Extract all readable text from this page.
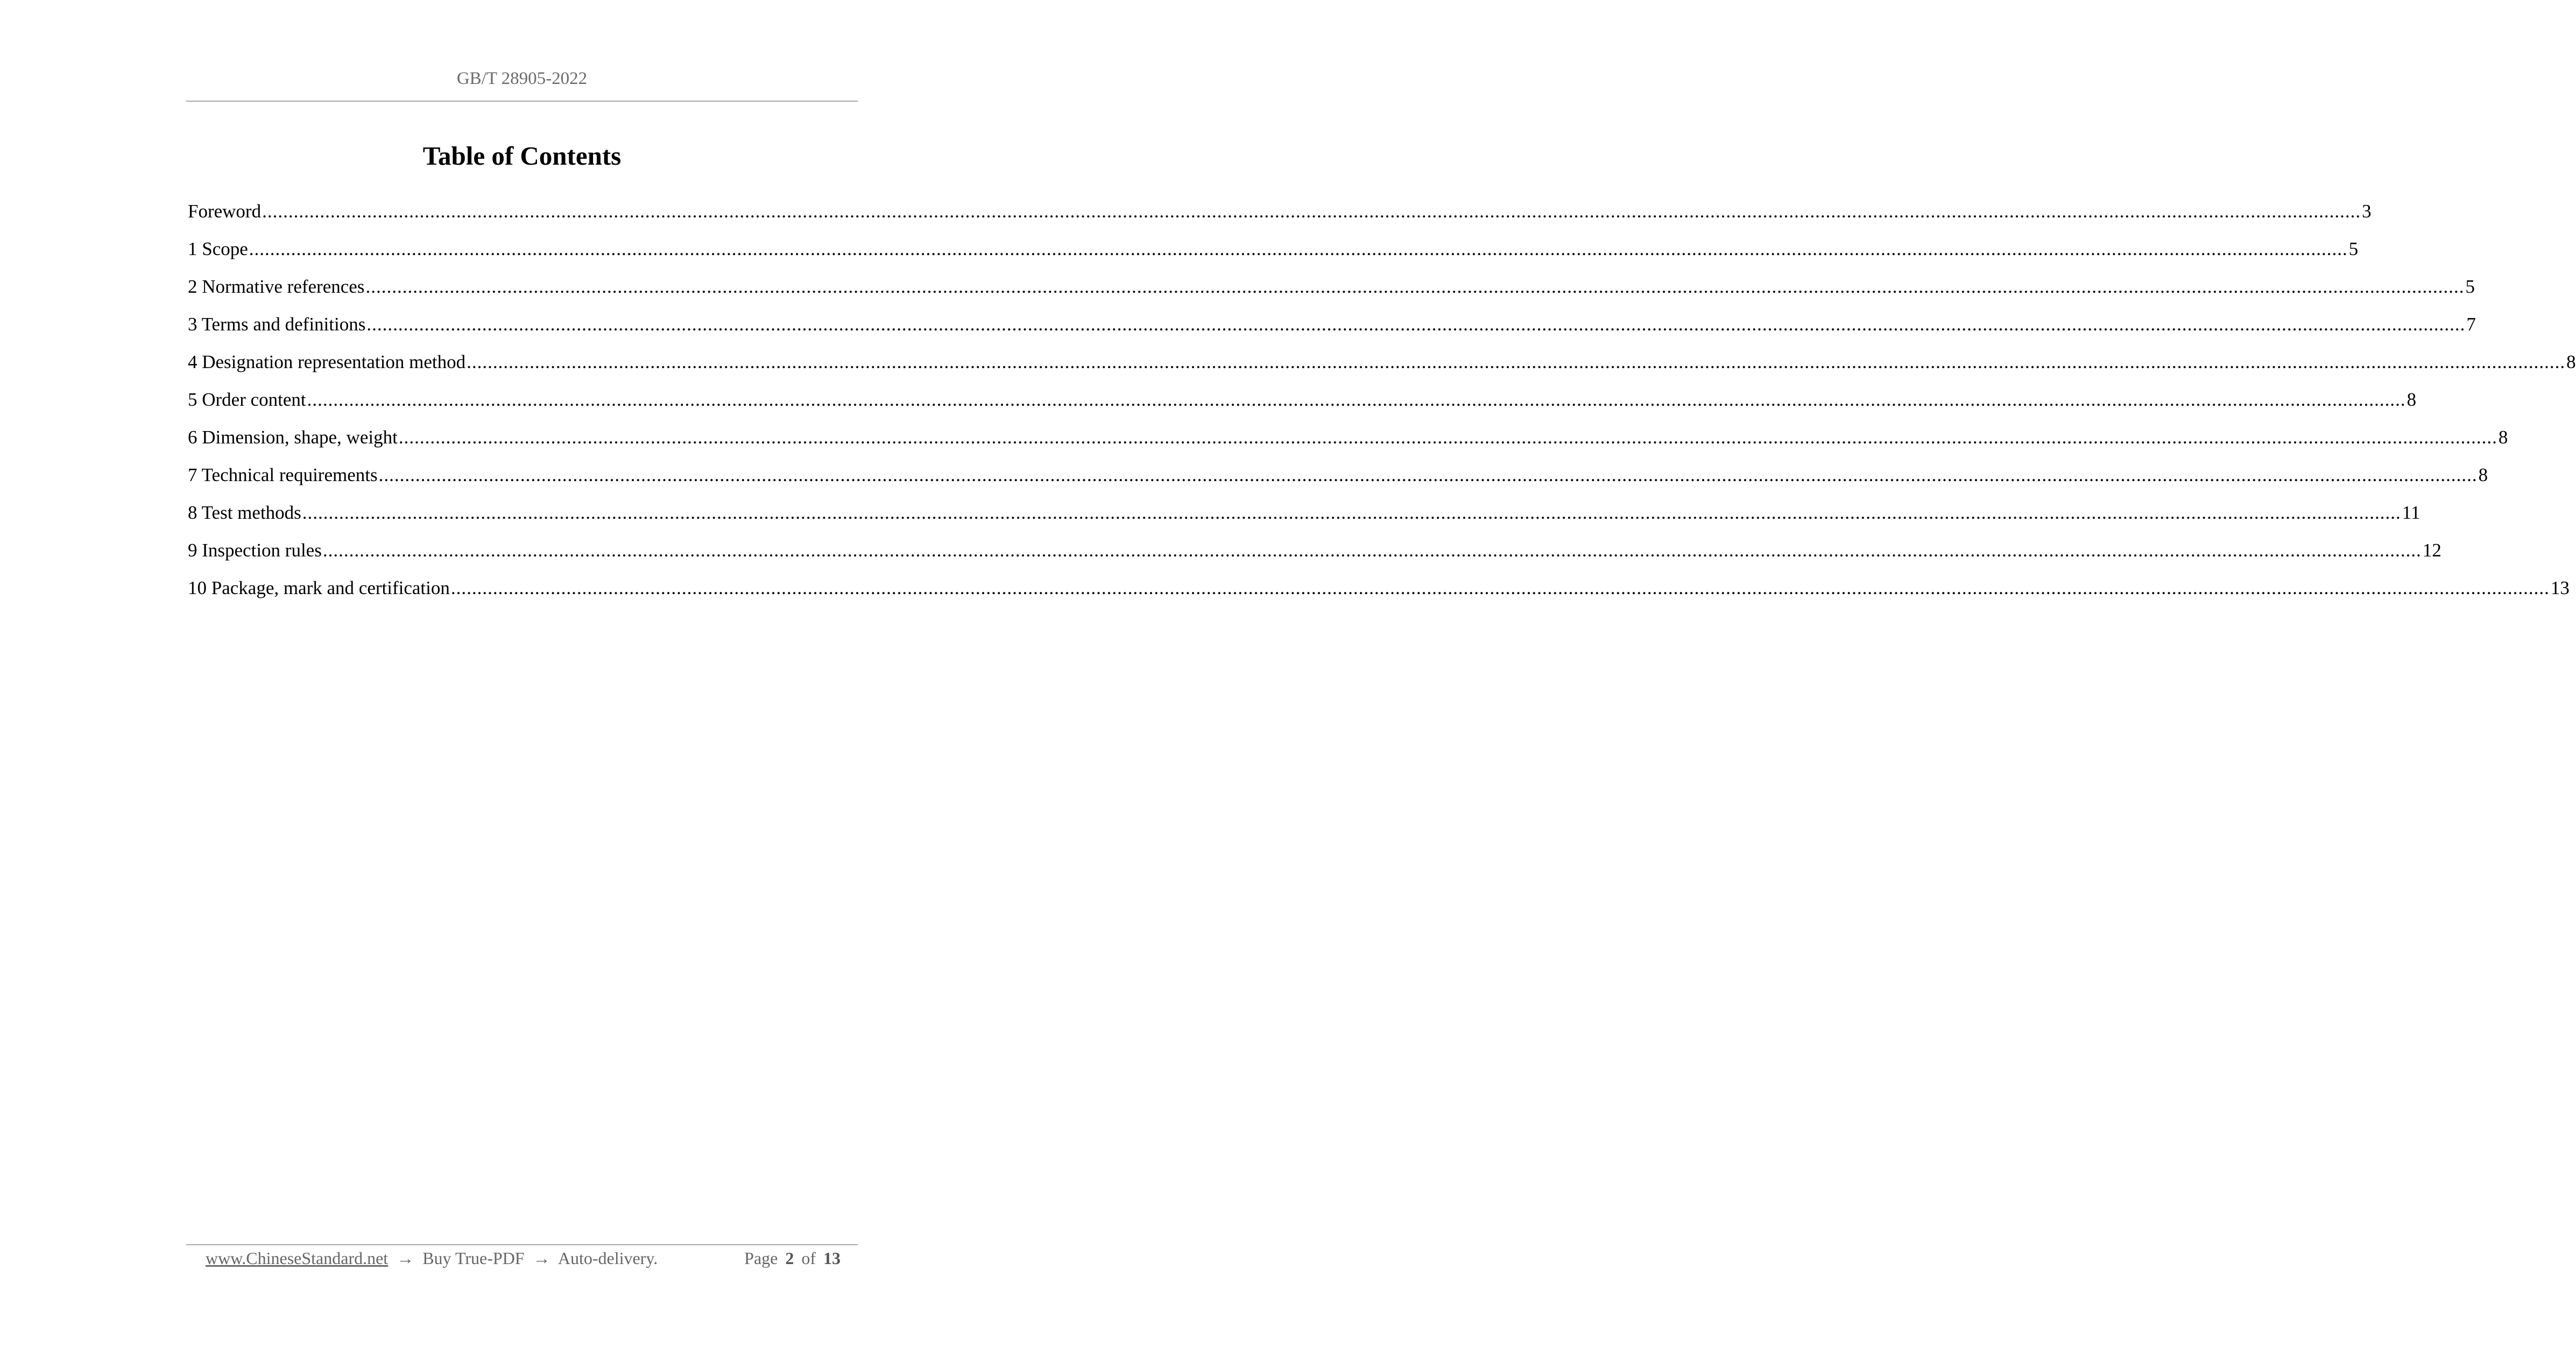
GB/T 28905-2022
Table of Contents
Foreword ................................................................................................................................................................................................................................................................................................................................................................................................................ 3
1 Scope ................................................................................................................................................................................................................................................................................................................................................................................................................ 5
2 Normative references ................................................................................................................................................................................................................................................................................................................................................................................................................ 5
3 Terms and definitions ................................................................................................................................................................................................................................................................................................................................................................................................................ 7
4 Designation representation method ................................................................................................................................................................................................................................................................................................................................................................................................................ 8
5 Order content ................................................................................................................................................................................................................................................................................................................................................................................................................ 8
6 Dimension, shape, weight ................................................................................................................................................................................................................................................................................................................................................................................................................ 8
7 Technical requirements ................................................................................................................................................................................................................................................................................................................................................................................................................ 8
8 Test methods ................................................................................................................................................................................................................................................................................................................................................................................................................ 11
9 Inspection rules ................................................................................................................................................................................................................................................................................................................................................................................................................ 12
10 Package, mark and certification ................................................................................................................................................................................................................................................................................................................................................................................................................ 13
www.ChineseStandard.net → Buy True-PDF → Auto-delivery.	Page 2 of 13
